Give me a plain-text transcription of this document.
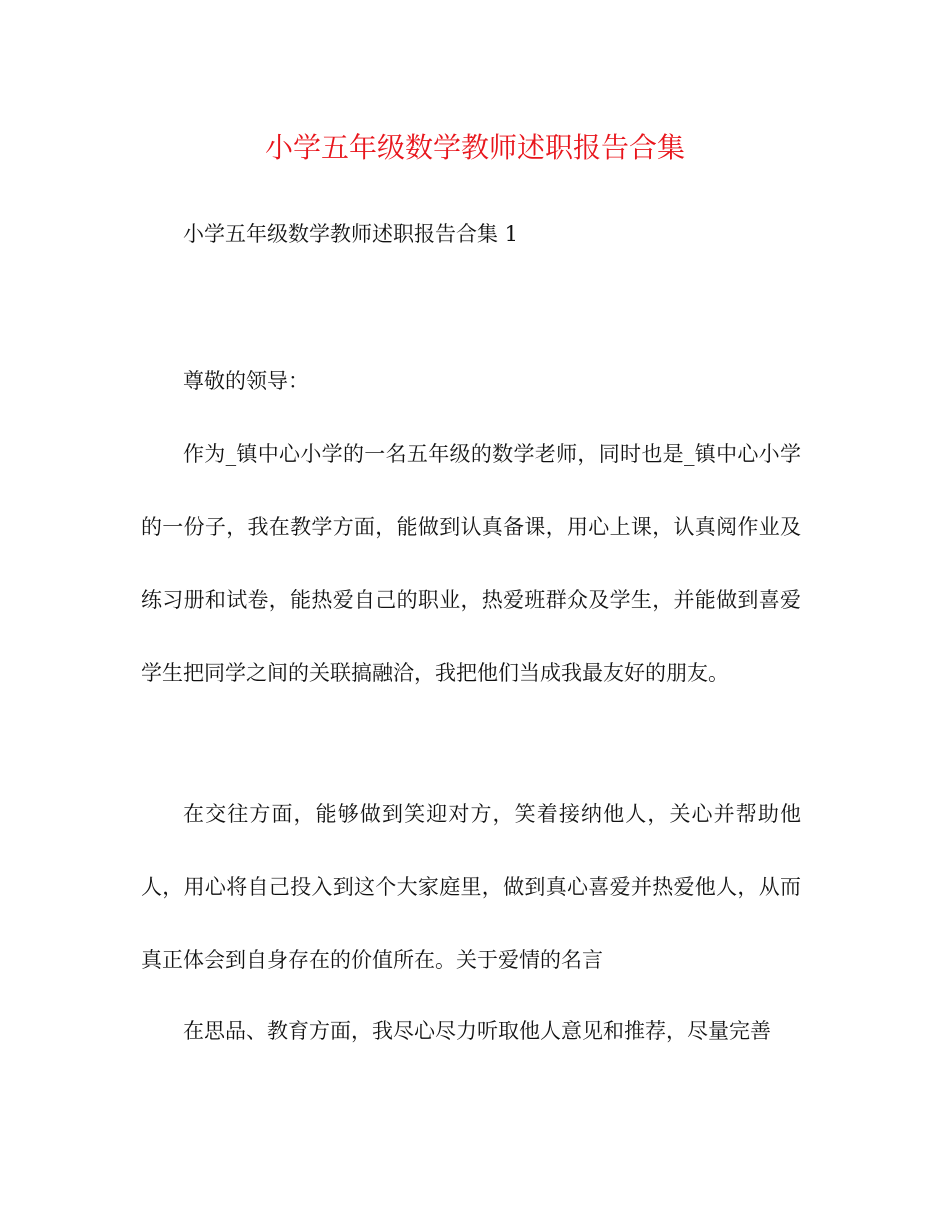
小学五年级数学教师述职报告合集
小学五年级数学教师述职报告合集 1
尊敬的领导：

作为_镇中心小学的一名五年级的数学老师，同时也是_镇中心小学的一份子，我在教学方面，能做到认真备课，用心上课，认真阅作业及练习册和试卷，能热爱自己的职业，热爱班群众及学生，并能做到喜爱学生把同学之间的关联搞融洽，我把他们当成我最友好的朋友。

在交往方面，能够做到笑迎对方，笑着接纳他人，关心并帮助他人，用心将自己投入到这个大家庭里，做到真心喜爱并热爱他人，从而真正体会到自身存在的价值所在。关于爱情的名言

在思品、教育方面，我尽心尽力听取他人意见和推荐，尽量完善
